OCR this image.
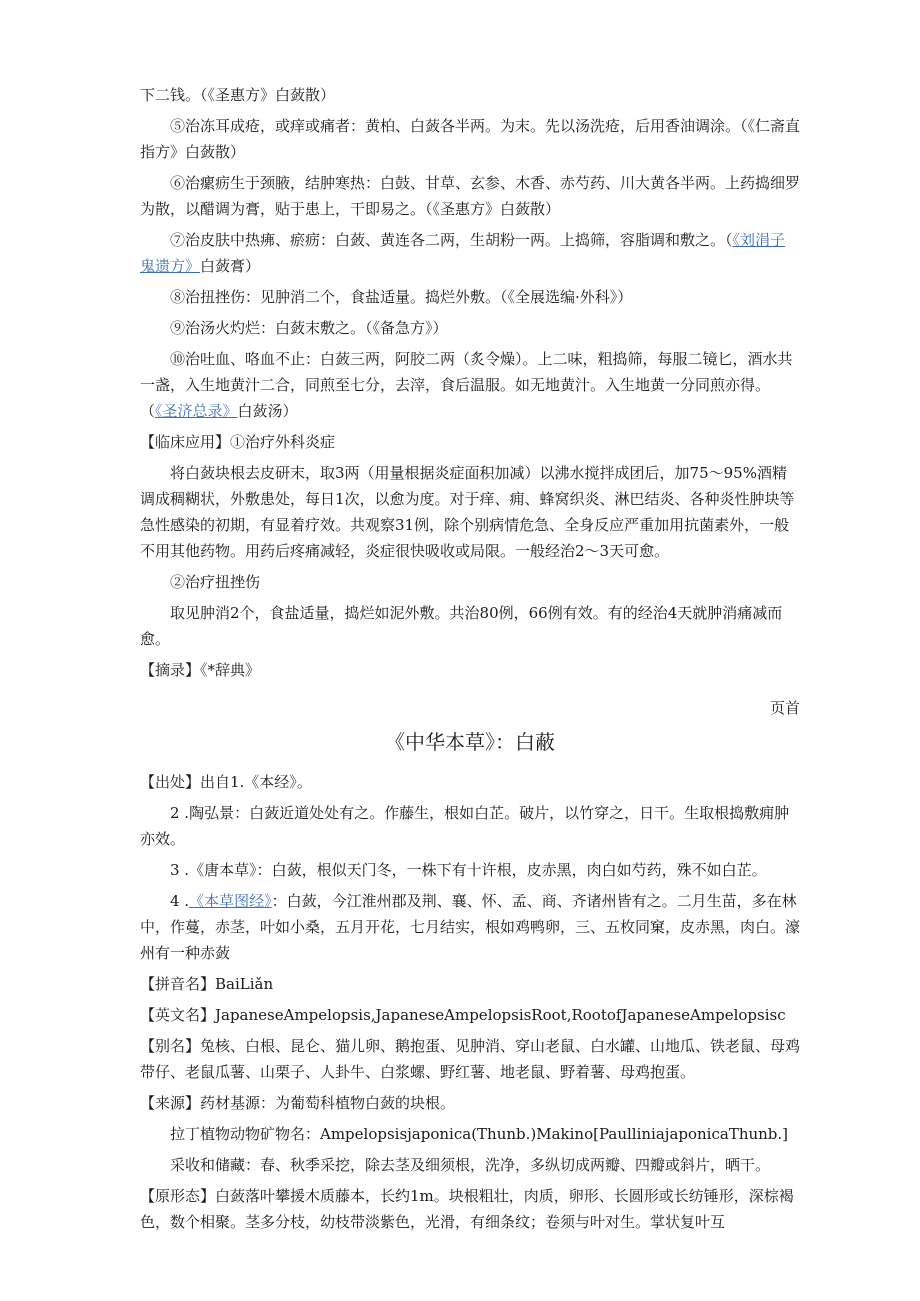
下二钱。（《圣惠方》白蔹散）

⑤治冻耳成疮，或痒或痛者：黄柏、白蔹各半两。为末。先以汤洗疮，后用香油调涂。（《仁斋直指方》白蔹散）

⑥治瘰疬生于颈腋，结肿寒热：白鼓、甘草、玄参、木香、赤芍药、川大黄各半两。上药捣细罗为散，以醋调为膏，贴于患上，干即易之。（《圣惠方》白蔹散）

⑦治皮肤中热疿、瘀疬：白蔹、黄连各二两，生胡粉一两。上捣筛，容脂调和敷之。（《刘涓子鬼遗方》白蔹膏）

⑧治扭挫伤：见肿消二个，食盐适量。捣烂外敷。（《全展选编·外科》）

⑨治汤火灼烂：白蔹末敷之。（《备急方》）

⑩治吐血、咯血不止：白蔹三两，阿胶二两（炙令燥）。上二味，粗捣筛，每服二镜匕，酒水共一盏，入生地黄汁二合，同煎至七分，去滓，食后温服。如无地黄汁。入生地黄一分同煎亦得。（《圣济总录》白蔹汤）

【临床应用】①治疗外科炎症

将白蔹块根去皮研末，取3两（用量根据炎症面积加减）以沸水搅拌成团后，加75～95%酒精调成稠糊状，外敷患处，每日1次，以愈为度。对于痒、痈、蜂窝织炎、淋巴结炎、各种炎性肿块等急性感染的初期，有显着疗效。共观察31例，除个别病情危急、全身反应严重加用抗菌素外，一般不用其他药物。用药后疼痛减轻，炎症很快吸收或局限。一般经治2～3天可愈。

②治疗扭挫伤

取见肿消2个，食盐适量，捣烂如泥外敷。共治80例，66例有效。有的经治4天就肿消痛减而愈。

【摘录】《*辞典》

页首
《中华本草》：白蔽

【出处】出自1.《本经》。

2 .陶弘景：白蔹近道处处有之。作藤生，根如白芷。破片，以竹穿之，日干。生取根捣敷痈肿亦效。

3 .《唐本草》：白蔹，根似天门冬，一株下有十许根，皮赤黑，肉白如芍药，殊不如白芷。

4 .《本草图经》：白蔹，今江淮州郡及荆、襄、怀、孟、商、齐诸州皆有之。二月生苗，多在林中，作蔓，赤茎，叶如小桑，五月开花，七月结实，根如鸡鸭卵，三、五枚同窠，皮赤黑，肉白。濠州有一种赤蔹

【拼音名】BaiLiǎn

【英文名】JapaneseAmpelopsis,JapaneseAmpelopsisRoot,RootofJapaneseAmpelopsisc

【别名】兔核、白根、昆仑、猫儿卵、鹅抱蛋、见肿消、穿山老鼠、白水罐、山地瓜、铁老鼠、母鸡带仔、老鼠瓜薯、山栗子、人卦牛、白浆螺、野红薯、地老鼠、野着薯、母鸡抱蛋。

【来源】药材基源：为葡萄科植物白蔹的块根。

拉丁植物动物矿物名：Ampelopsisjaponica(Thunb.)Makino[PaulliniajaponicaThunb.]

采收和储藏：春、秋季采挖，除去茎及细须根，洗净，多纵切成两瓣、四瓣或斜片，晒干。

【原形态】白蔹落叶攀援木质藤本，长约1m。块根粗壮，肉质，卵形、长圆形或长纺锤形，深棕褐色，数个相聚。茎多分枝，幼枝带淡紫色，光滑，有细条纹；卷须与叶对生。掌状复叶互
